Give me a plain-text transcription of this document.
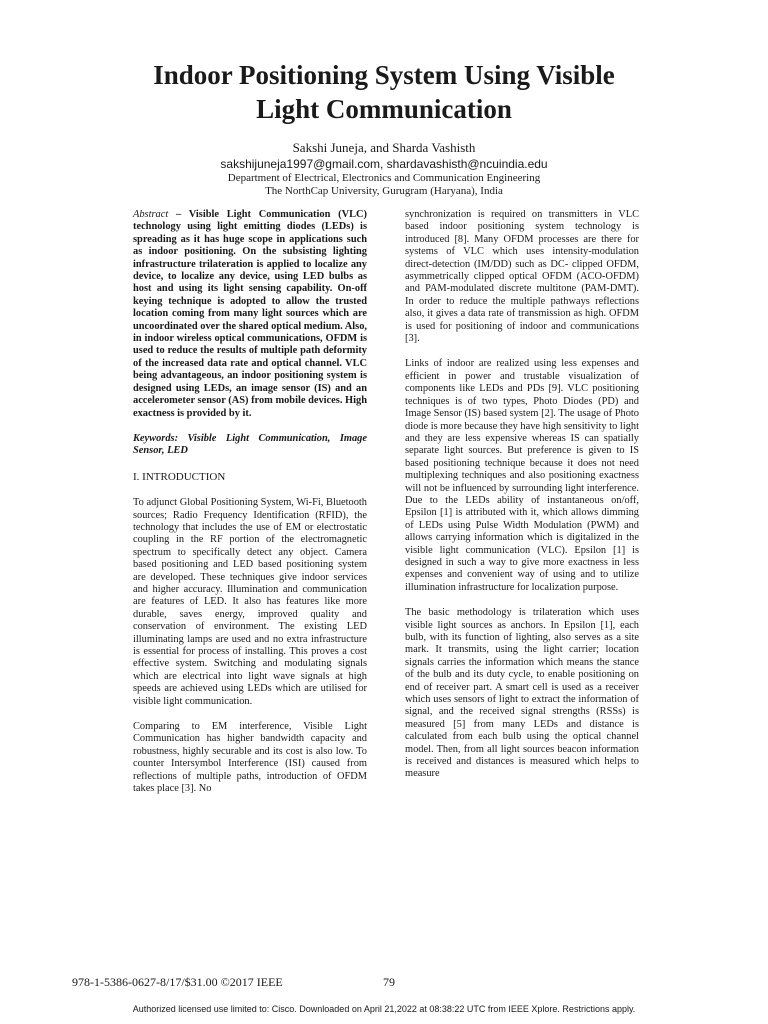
Indoor Positioning System Using Visible
Light Communication
Sakshi Juneja, and Sharda Vashisth
sakshijuneja1997@gmail.com, shardavashisth@ncuindia.edu
Department of Electrical, Electronics and Communication Engineering
The NorthCap University, Gurugram (Haryana), India

Abstract – Visible Light Communication (VLC) technology using light emitting diodes (LEDs) is spreading as it has huge scope in applications such as indoor positioning. On the subsisting lighting infrastructure trilateration is applied to localize any device, to localize any device, using LED bulbs as host and using its light sensing capability. On-off keying technique is adopted to allow the trusted location coming from many light sources which are uncoordinated over the shared optical medium. Also, in indoor wireless optical communications, OFDM is used to reduce the results of multiple path deformity of the increased data rate and optical channel. VLC being advantageous, an indoor positioning system is designed using LEDs, an image sensor (IS) and an accelerometer sensor (AS) from mobile devices. High exactness is provided by it.

Keywords: Visible Light Communication, Image Sensor, LED

I. INTRODUCTION

To adjunct Global Positioning System, Wi-Fi, Bluetooth sources; Radio Frequency Identification (RFID), the technology that includes the use of EM or electrostatic coupling in the RF portion of the electromagnetic spectrum to specifically detect any object. Camera based positioning and LED based positioning system are developed. These techniques give indoor services and higher accuracy. Illumination and communication are features of LED. It also has features like more durable, saves energy, improved quality and conservation of environment. The existing LED illuminating lamps are used and no extra infrastructure is essential for process of installing. This proves a cost effective system. Switching and modulating signals which are electrical into light wave signals at high speeds are achieved using LEDs which are utilised for visible light communication.

Comparing to EM interference, Visible Light Communication has higher bandwidth capacity and robustness, highly securable and its cost is also low. To counter Intersymbol Interference (ISI) caused from reflections of multiple paths, introduction of OFDM takes place [3]. No

synchronization is required on transmitters in VLC based indoor positioning system technology is introduced [8]. Many OFDM processes are there for systems of VLC which uses intensity-modulation direct-detection (IM/DD) such as DC- clipped OFDM, asymmetrically clipped optical OFDM (ACO-OFDM) and PAM-modulated discrete multitone (PAM-DMT). In order to reduce the multiple pathways reflections also, it gives a data rate of transmission as high. OFDM is used for positioning of indoor and communications [3].

Links of indoor are realized using less expenses and efficient in power and trustable visualization of components like LEDs and PDs [9]. VLC positioning techniques is of two types, Photo Diodes (PD) and Image Sensor (IS) based system [2]. The usage of Photo diode is more because they have high sensitivity to light and they are less expensive whereas IS can spatially separate light sources. But preference is given to IS based positioning technique because it does not need multiplexing techniques and also positioning exactness will not be influenced by surrounding light interference. Due to the LEDs ability of instantaneous on/off, Epsilon [1] is attributed with it, which allows dimming of LEDs using Pulse Width Modulation (PWM) and allows carrying information which is digitalized in the visible light communication (VLC). Epsilon [1] is designed in such a way to give more exactness in less expenses and convenient way of using and to utilize illumination infrastructure for localization purpose.

The basic methodology is trilateration which uses visible light sources as anchors. In Epsilon [1], each bulb, with its function of lighting, also serves as a site mark. It transmits, using the light carrier; location signals carries the information which means the stance of the bulb and its duty cycle, to enable positioning on end of receiver part. A smart cell is used as a receiver which uses sensors of light to extract the information of signal, and the received signal strengths (RSSs) is measured [5] from many LEDs and distance is calculated from each bulb using the optical channel model. Then, from all light sources beacon information is received and distances is measured which helps to measure

978-1-5386-0627-8/17/$31.00 ©2017 IEEE	79
Authorized licensed use limited to: Cisco. Downloaded on April 21,2022 at 08:38:22 UTC from IEEE Xplore. Restrictions apply.
